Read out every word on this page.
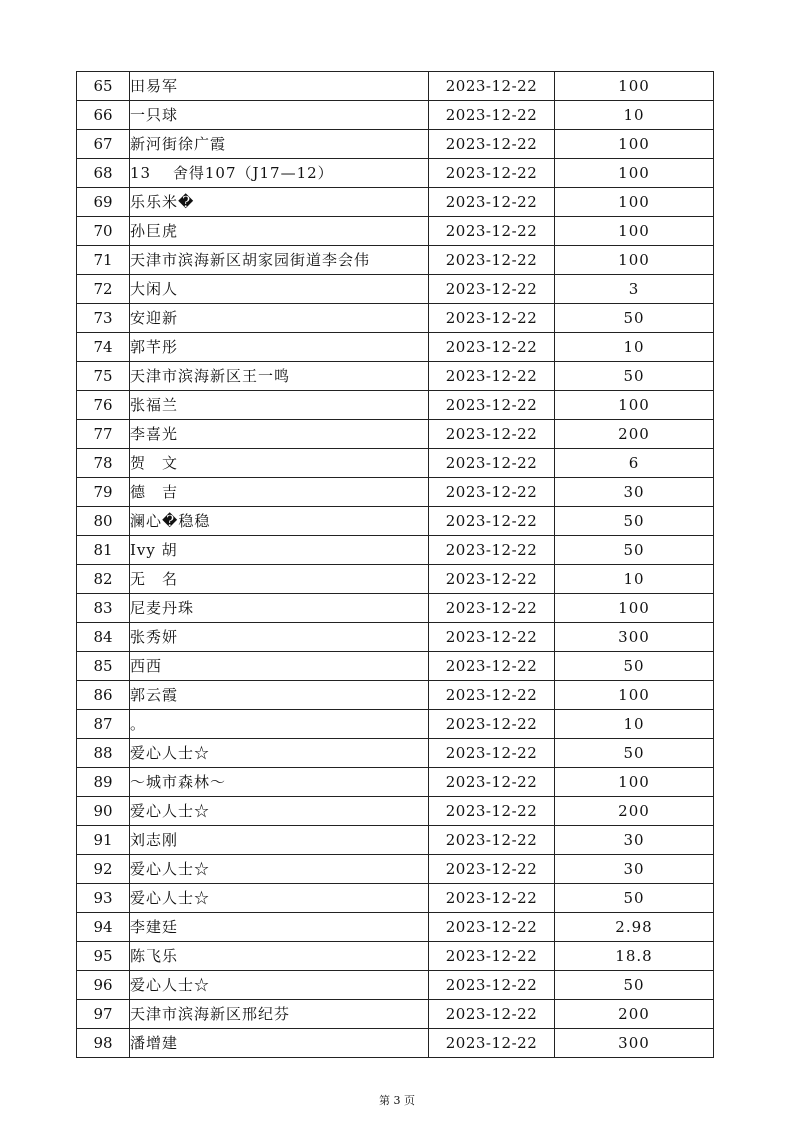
65	田易军	2023-12-22	100
66	一只球	2023-12-22	10
67	新河街徐广霞	2023-12-22	100
68	13　 舍得107（J17—12）	2023-12-22	100
69	乐乐米�	2023-12-22	100
70	孙巨虎	2023-12-22	100
71	天津市滨海新区胡家园街道李会伟	2023-12-22	100
72	大闲人	2023-12-22	3
73	安迎新	2023-12-22	50
74	郭芊彤	2023-12-22	10
75	天津市滨海新区王一鸣	2023-12-22	50
76	张福兰	2023-12-22	100
77	李喜光	2023-12-22	200
78	贺　文	2023-12-22	6
79	德　吉	2023-12-22	30
80	澜心�稳稳	2023-12-22	50
81	Ivy 胡	2023-12-22	50
82	无　名	2023-12-22	10
83	尼麦丹珠	2023-12-22	100
84	张秀妍	2023-12-22	300
85	西西	2023-12-22	50
86	郭云霞	2023-12-22	100
87	。	2023-12-22	10
88	爱心人士☆	2023-12-22	50
89	～城市森林～	2023-12-22	100
90	爱心人士☆	2023-12-22	200
91	刘志刚	2023-12-22	30
92	爱心人士☆	2023-12-22	30
93	爱心人士☆	2023-12-22	50
94	李建廷	2023-12-22	2.98
95	陈飞乐	2023-12-22	18.8
96	爱心人士☆	2023-12-22	50
97	天津市滨海新区邢纪芬	2023-12-22	200
98	潘增建	2023-12-22	300
第 3 页
